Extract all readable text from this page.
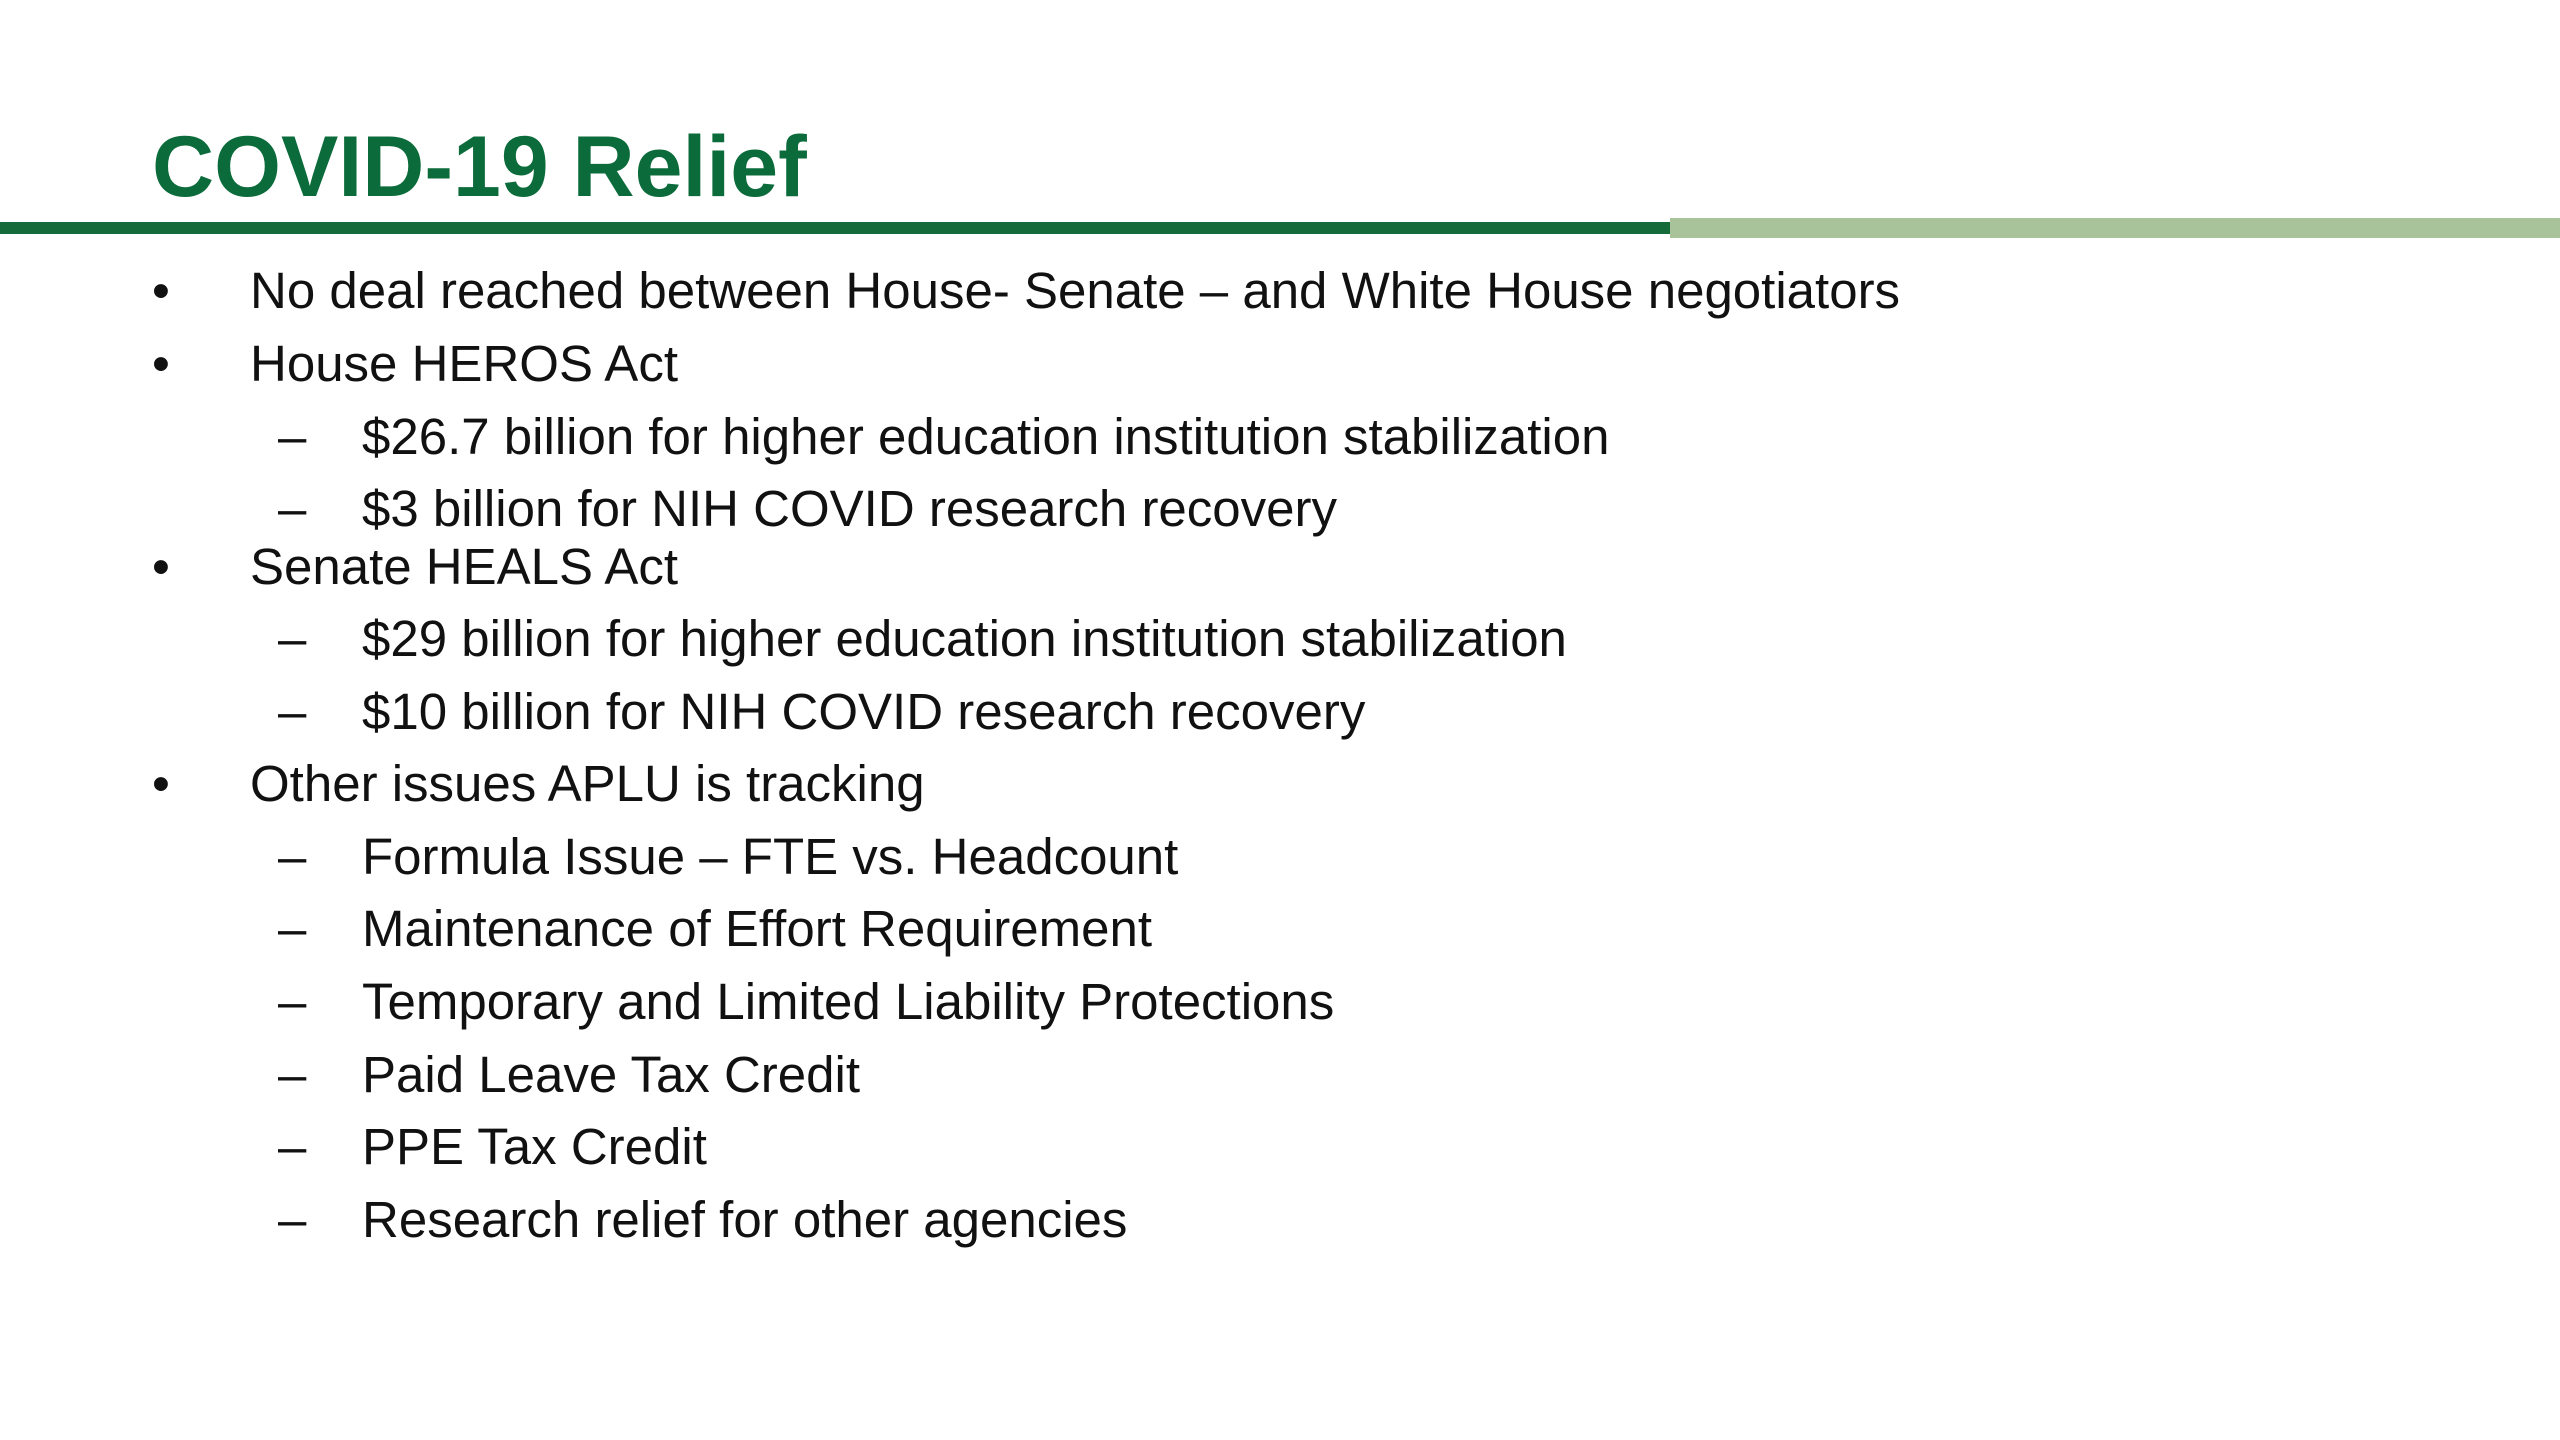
COVID-19 Relief
• No deal reached between House- Senate – and White House negotiators
• House HEROS Act
– $26.7 billion for higher education institution stabilization
– $3 billion for NIH COVID research recovery
• Senate HEALS Act
– $29 billion for higher education institution stabilization
– $10 billion for NIH COVID research recovery
• Other issues APLU is tracking
– Formula Issue – FTE vs. Headcount
– Maintenance of Effort Requirement
– Temporary and Limited Liability Protections
– Paid Leave Tax Credit
– PPE Tax Credit
– Research relief for other agencies
